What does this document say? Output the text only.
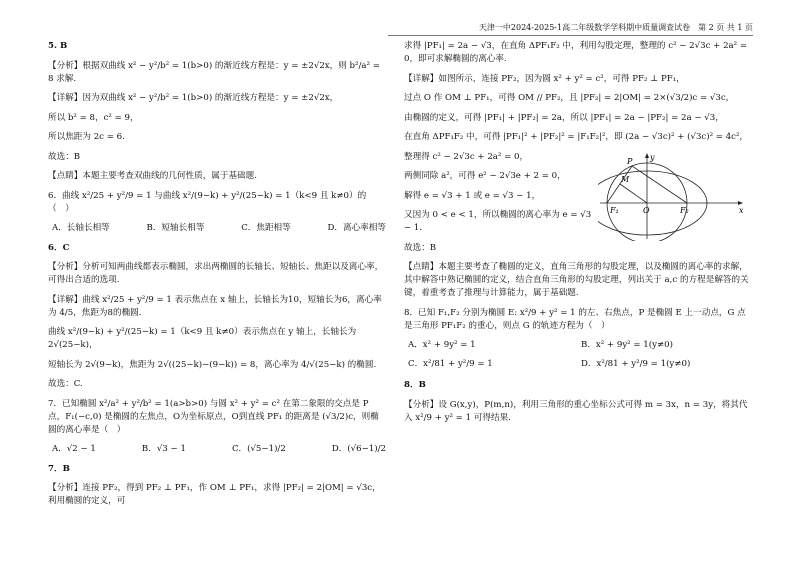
天津一中2024-2025-1高二年级数学学科期中质量调查试卷　第 2 页 共 1 页
5. B
【分析】根据双曲线 x² − y²/b² = 1(b>0) 的渐近线方程是：y = ±2√2x，则 b²/a² = 8 求解.
【详解】因为双曲线 x² − y²/b² = 1(b>0) 的渐近线方程是：y = ±2√2x，
所以 b² = 8，c² = 9，
所以焦距为 2c = 6.
故选：B
【点睛】本题主要考查双曲线的几何性质，属于基础题.
6．曲线 x²/25 + y²/9 = 1 与曲线 x²/(9−k) + y²/(25−k) = 1（k<9 且 k≠0）的（　）
A．长轴长相等	B．短轴长相等	C．焦距相等	D．离心率相等
6．C
【分析】分析可知两曲线都表示椭圆，求出两椭圆的长轴长、短轴长、焦距以及离心率，可得出合适的选项.
【详解】曲线 x²/25 + y²/9 = 1 表示焦点在 x 轴上，长轴长为10，短轴长为6，离心率为 4/5，焦距为8的椭圆.
曲线 x²/(9−k) + y²/(25−k) = 1（k<9 且 k≠0）表示焦点在 y 轴上，长轴长为 2√(25−k)，
短轴长为 2√(9−k)，焦距为 2√((25−k)−(9−k)) = 8，离心率为 4/√(25−k) 的椭圆.
故选：C.
7．已知椭圆 x²/a² + y²/b² = 1(a>b>0) 与圆 x² + y² = c² 在第二象限的交点是 P 点，F₁(−c,0) 是椭圆的左焦点，O为坐标原点，O到直线 PF₁ 的距离是 (√3/2)c，则椭圆的离心率是（　）
A．√2 − 1	B．√3 − 1	C．(√5−1)/2	D．(√6−1)/2
7．B
【分析】连接 PF₂，得到 PF₂ ⊥ PF₁，作 OM ⊥ PF₁，求得 |PF₂| = 2|OM| = √3c，利用椭圆的定义，可
求得 |PF₁| = 2a − √3，在直角 ΔPF₁F₂ 中，利用勾股定理，整理的 c² − 2√3c + 2a² = 0，即可求解椭圆的离心率.
【详解】如图所示，连接 PF₂，因为圆 x² + y² = c²，可得 PF₂ ⊥ PF₁，
过点 O 作 OM ⊥ PF₁，可得 OM // PF₂，且 |PF₂| = 2|OM| = 2×(√3/2)c = √3c，
由椭圆的定义，可得 |PF₁| + |PF₂| = 2a，所以 |PF₁| = 2a − |PF₂| = 2a − √3，
在直角 ΔPF₁F₂ 中，可得 |PF₁|² + |PF₂|² = |F₁F₂|²，即 (2a − √3c)² + (√3c)² = 4c²，
y
x
P
M
F₁	O	F₂
整理得 c² − 2√3c + 2a² = 0，
两侧同除 a²，可得 e² − 2√3e + 2 = 0，
解得 e = √3 + 1 或 e = √3 − 1，
又因为 0 < e < 1，所以椭圆的离心率为 e = √3 − 1.
故选：B
【点睛】本题主要考查了椭圆的定义，直角三角形的勾股定理，以及椭圆的离心率的求解，其中解答中熟记椭圆的定义，结合直角三角形的勾股定理，列出关于 a,c 的方程是解答的关键，着重考查了推理与计算能力，属于基础题.
8．已知 F₁,F₂ 分别为椭圆 E: x²/9 + y² = 1 的左、右焦点，P 是椭圆 E 上一动点，G 点是三角形 PF₁F₂ 的重心，则点 G 的轨迹方程为（　）
A．x² + 9y² = 1	B．x² + 9y² = 1(y≠0)
C．x²/81 + y²/9 = 1	D．x²/81 + y²/9 = 1(y≠0)
8．B
【分析】设 G(x,y)，P(m,n)，利用三角形的重心坐标公式可得 m = 3x，n = 3y，将其代入 x²/9 + y² = 1 可得结果.
